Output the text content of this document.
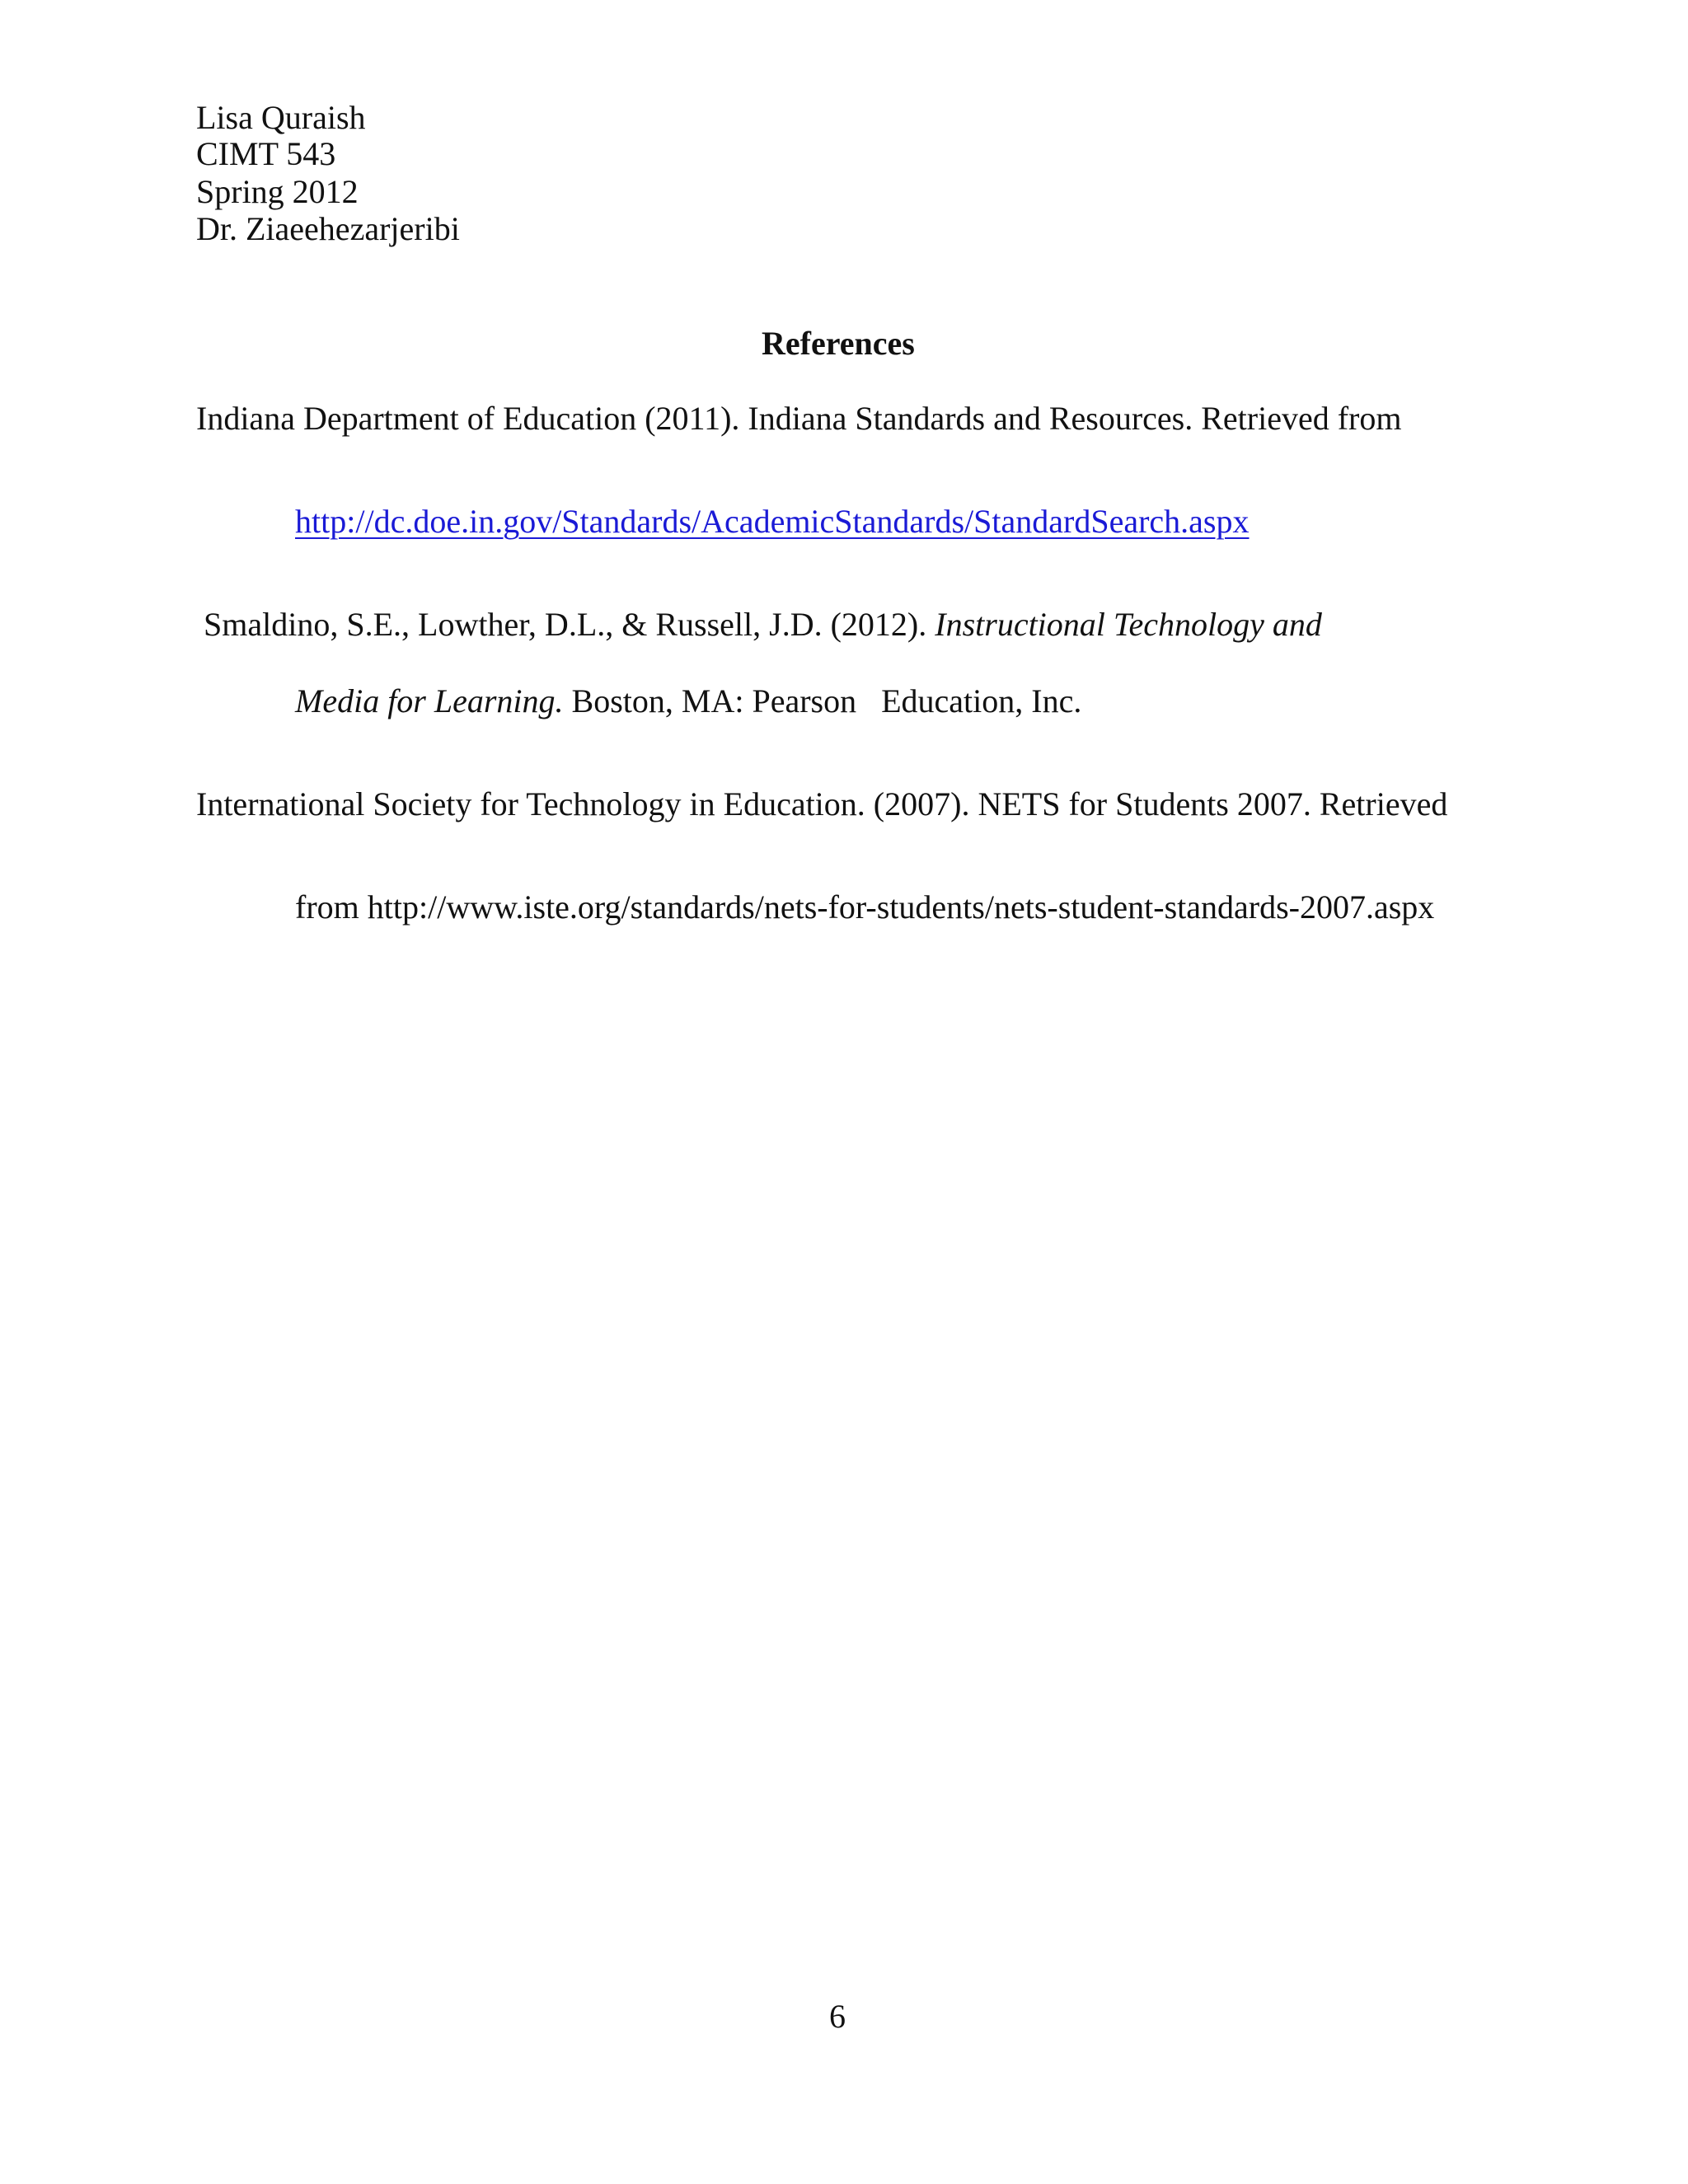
Lisa Quraish
CIMT 543
Spring 2012
Dr. Ziaeehezarjeribi
References
Indiana Department of Education (2011). Indiana Standards and Resources. Retrieved from
http://dc.doe.in.gov/Standards/AcademicStandards/StandardSearch.aspx
Smaldino, S.E., Lowther, D.L., & Russell, J.D. (2012). Instructional Technology and
Media for Learning. Boston, MA: Pearson   Education, Inc.
International Society for Technology in Education. (2007). NETS for Students 2007. Retrieved
from http://www.iste.org/standards/nets-for-students/nets-student-standards-2007.aspx
6
